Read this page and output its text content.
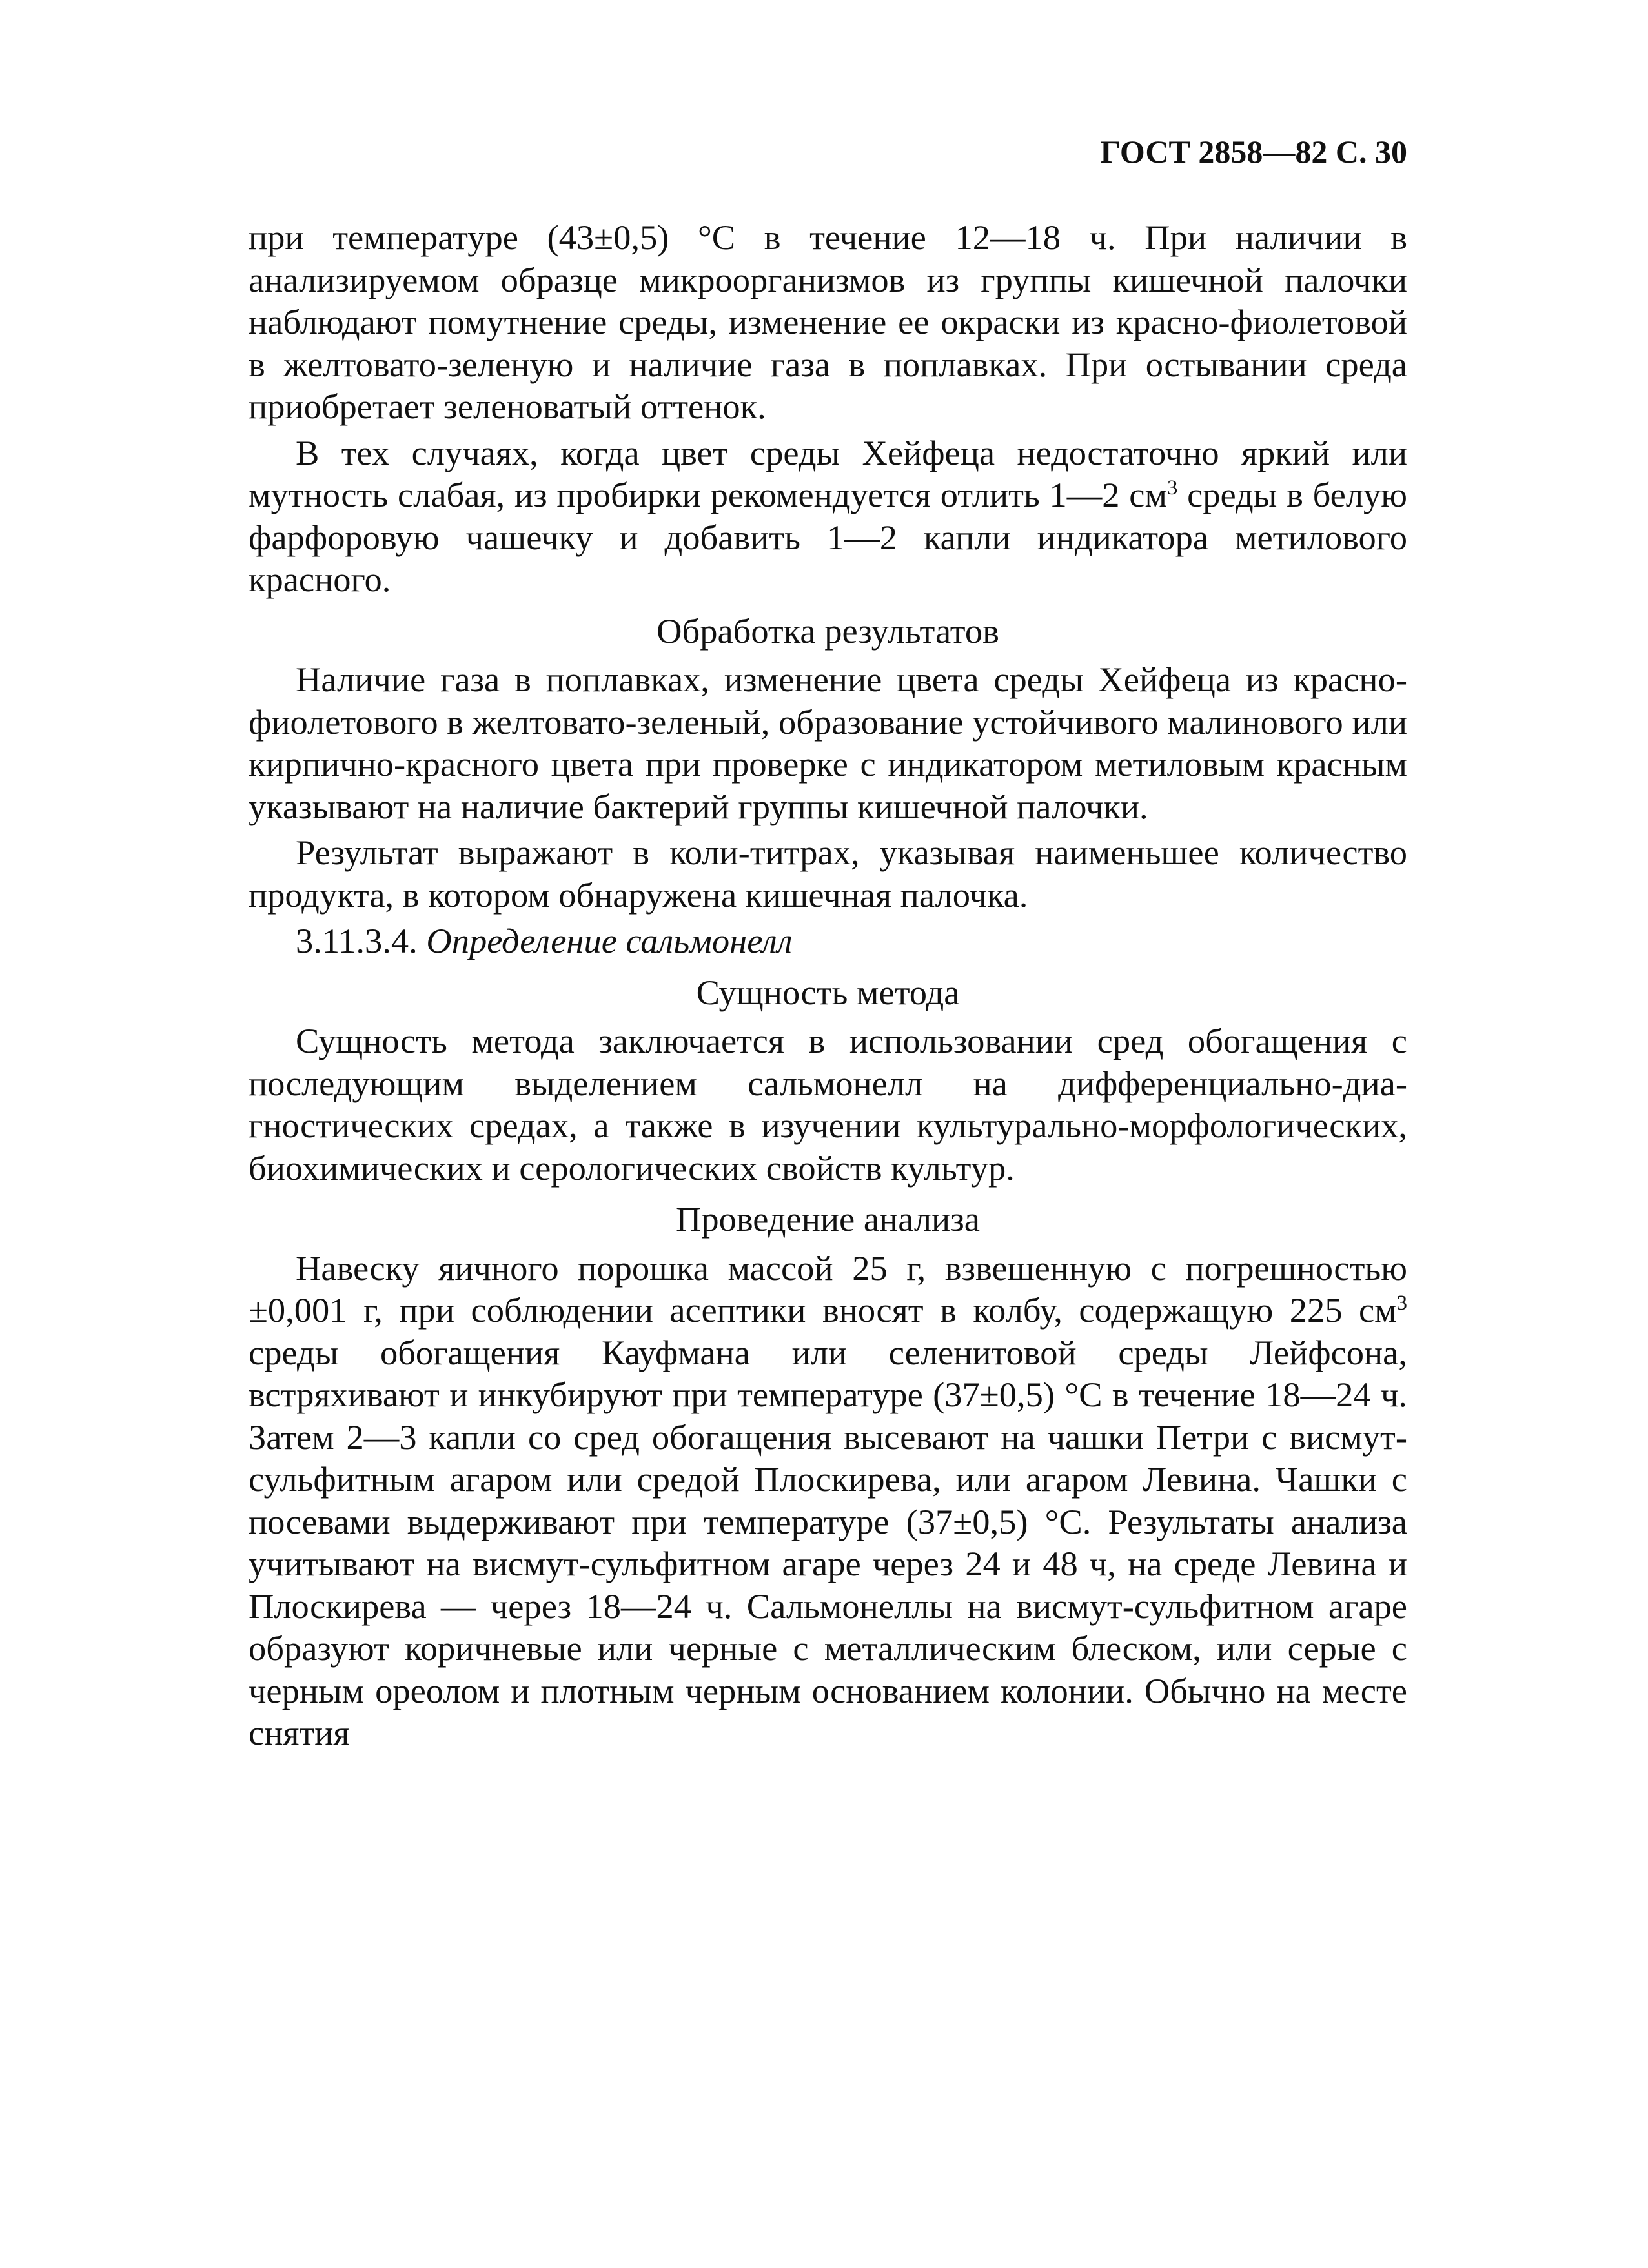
ГОСТ 2858—82 С. 30

при температуре (43±0,5) °С в течение 12—18 ч. При наличии в анализируемом образце микроорганизмов из группы кишечной палочки наблюдают помутнение среды, изменение ее окраски из красно-фиолетовой в желтовато-зеленую и наличие газа в поплавках. При остывании среда приобретает зеленоватый оттенок.

В тех случаях, когда цвет среды Хейфеца недостаточно яркий или мутность слабая, из пробирки рекомендуется отлить 1—2 $см^3$ среды в белую фарфоровую чашечку и добавить 1—2 капли индикатора метилового красного.

Обработка результатов

Наличие газа в поплавках, изменение цвета среды Хейфеца из красно-фиолетового в желтовато-зеленый, образование устойчивого малинового или кирпично-красного цвета при проверке с индикатором метиловым красным указывают на наличие бактерий группы кишечной палочки.

Результат выражают в коли-титрах, указывая наименьшее количество продукта, в котором обнаружена кишечная палочка.

3.11.3.4. Определение сальмонелл

Сущность метода

Сущность метода заключается в использовании сред обогащения с последующим выделением сальмонелл на дифференциально-диагностических средах, а также в изучении культурально-морфологических, биохимических и серологических свойств культур.

Проведение анализа

Навеску яичного порошка массой 25 г, взвешенную с погрешностью ±0,001 г, при соблюдении асептики вносят в колбу, содержащую 225 $см^3$ среды обогащения Кауфмана или селенитовой среды Лейфсона, встряхивают и инкубируют при температуре (37±0,5) °С в течение 18—24 ч. Затем 2—3 капли со сред обогащения высевают на чашки Петри с висмут-сульфитным агаром или средой Плоскирева, или агаром Левина. Чашки с посевами выдерживают при температуре (37±0,5) °С. Результаты анализа учитывают на висмут-сульфитном агаре через 24 и 48 ч, на среде Левина и Плоскирева — через 18—24 ч. Сальмонеллы на висмут-сульфитном агаре образуют коричневые или черные с металлическим блеском, или серые с черным ореолом и плотным черным основанием колонии. Обычно на месте снятия
